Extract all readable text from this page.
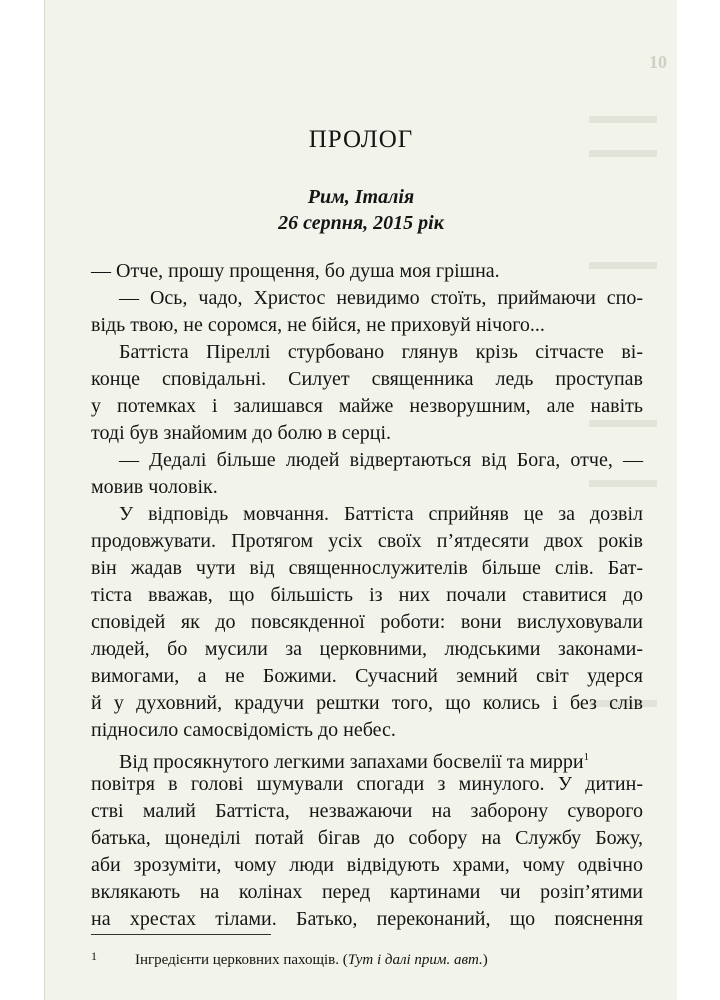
10
ПРОЛОГ
Рим, Італія
26 серпня, 2015 рік
— Отче, прошу прощення, бо душа моя грішна.
— Ось, чадо, Христос невидимо стоїть, приймаючи спо-
відь твою, не соромся, не бійся, не приховуй нічого...
Баттіста Піреллі стурбовано глянув крізь сітчасте ві-
конце сповідальні. Силует священника ледь проступав
у потемках і залишався майже незворушним, але навіть
тоді був знайомим до болю в серці.
— Дедалі більше людей відвертаються від Бога, отче, —
мовив чоловік.
У відповідь мовчання. Баттіста сприйняв це за дозвіл
продовжувати. Протягом усіх своїх п’ятдесяти двох років
він жадав чути від священнослужителів більше слів. Бат-
тіста вважав, що більшість із них почали ставитися до
сповідей як до повсякденної роботи: вони вислуховували
людей, бо мусили за церковними, людськими законами-
вимогами, а не Божими. Сучасний земний світ удерся
й у духовний, крадучи рештки того, що колись і без слів
підносило самосвідомість до небес.
Від просякнутого легкими запахами босвелії та мирри$^1$
повітря в голові шумували спогади з минулого. У дитин-
стві малий Баттіста, незважаючи на заборону суворого
батька, щонеділі потай бігав до собору на Службу Божу,
аби зрозуміти, чому люди відвідують храми, чому одвічно
вклякають на колінах перед картинами чи розіп’ятими
на хрестах тілами. Батько, переконаний, що пояснення
1	Інгредієнти церковних пахощів. (Тут і далі прим. авт.)
